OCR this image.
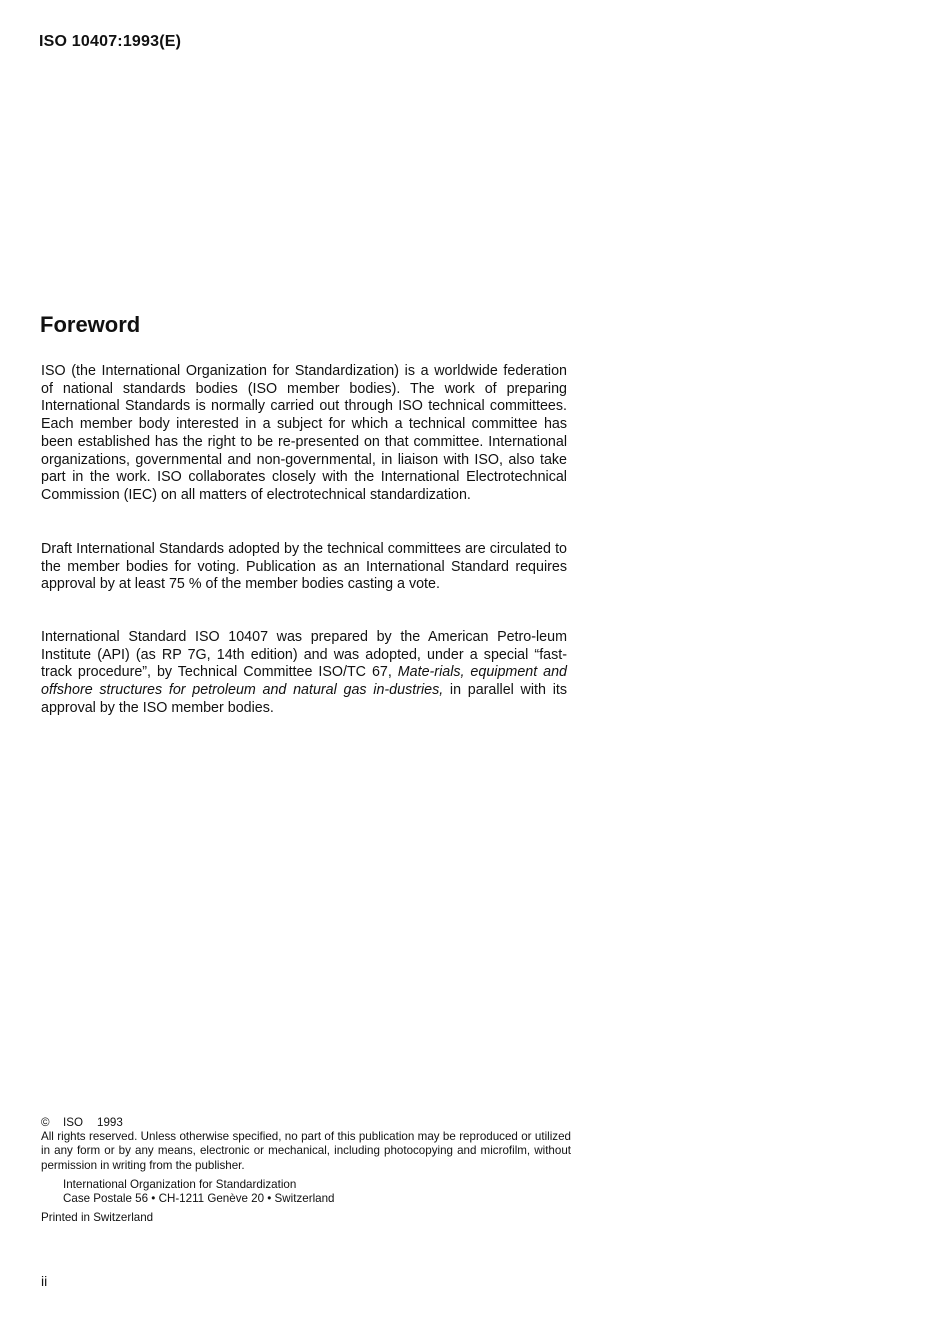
ISO 10407:1993(E)
Foreword

ISO (the International Organization for Standardization) is a worldwide federation of national standards bodies (ISO member bodies). The work of preparing International Standards is normally carried out through ISO technical committees. Each member body interested in a subject for which a technical committee has been established has the right to be re-presented on that committee. International organizations, governmental and non-governmental, in liaison with ISO, also take part in the work. ISO collaborates closely with the International Electrotechnical Commission (IEC) on all matters of electrotechnical standardization.

Draft International Standards adopted by the technical committees are circulated to the member bodies for voting. Publication as an International Standard requires approval by at least 75 % of the member bodies casting a vote.

International Standard ISO 10407 was prepared by the American Petro-leum Institute (API) (as RP 7G, 14th edition) and was adopted, under a special “fast-track procedure”, by Technical Committee ISO/TC 67, Mate-rials, equipment and offshore structures for petroleum and natural gas in-dustries, in parallel with its approval by the ISO member bodies.

© ISO 1993
All rights reserved. Unless otherwise specified, no part of this publication may be reproduced or utilized in any form or by any means, electronic or mechanical, including photocopying and microfilm, without permission in writing from the publisher.
International Organization for Standardization
Case Postale 56 • CH-1211 Genève 20 • Switzerland
Printed in Switzerland
ii
